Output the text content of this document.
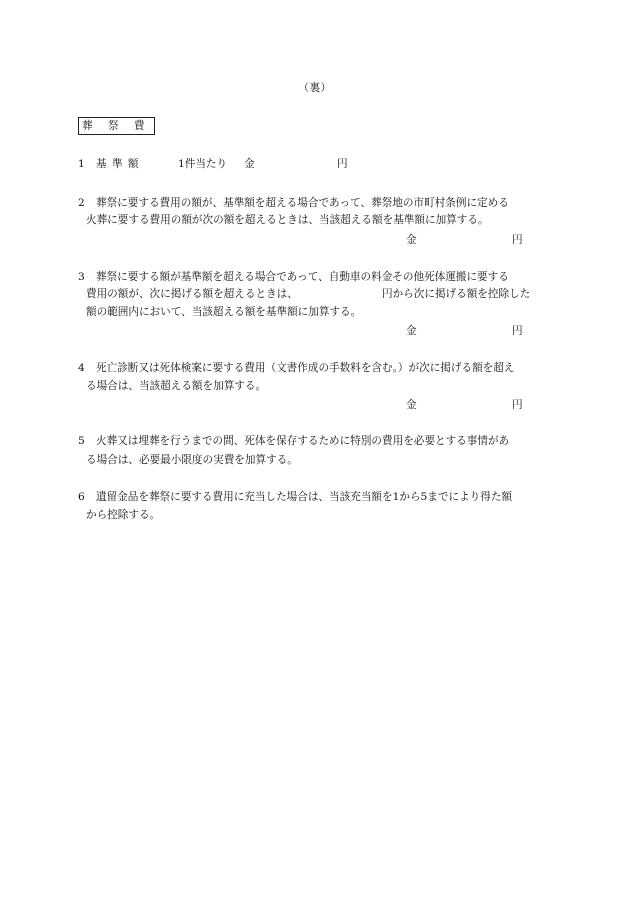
（裏）
葬 祭 費
1 基 準 額	1件当たり 金	円
2 葬祭に要する費用の額が、基準額を超える場合であって、葬祭地の市町村条例に定める
火葬に要する費用の額が次の額を超えるときは、当該超える額を基準額に加算する。
金	円
3 葬祭に要する額が基準額を超える場合であって、自動車の料金その他死体運搬に要する
費用の額が、次に掲げる額を超えるときは、	円から次に掲げる額を控除した
額の範囲内において、当該超える額を基準額に加算する。
金	円
4 死亡診断又は死体検案に要する費用（文書作成の手数料を含む。）が次に掲げる額を超え
る場合は、当該超える額を加算する。
金	円
5 火葬又は埋葬を行うまでの間、死体を保存するために特別の費用を必要とする事情があ
る場合は、必要最小限度の実費を加算する。
6 遺留金品を葬祭に要する費用に充当した場合は、当該充当額を1から5までにより得た額
から控除する。
